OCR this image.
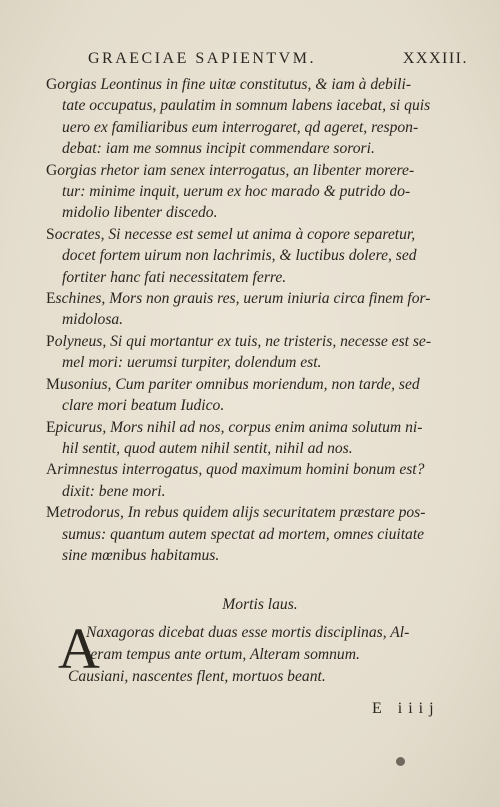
GRAECIAE SAPIENTVM.	XXXIII.

Gorgias Leontinus in fine uitæ constitutus, & iam à debili-
tate occupatus, paulatim in somnum labens iacebat, si quis
uero ex familiaribus eum interrogaret, qd ageret, respon-
debat: iam me somnus incipit commendare sorori.

Gorgias rhetor iam senex interrogatus, an libenter morere-
tur: minime inquit, uerum ex hoc marado & putrido do-
midolio libenter discedo.

Socrates, Si necesse est semel ut anima à copore separetur,
docet fortem uirum non lachrimis, & luctibus dolere, sed
fortiter hanc fati necessitatem ferre.

Eschines, Mors non grauis res, uerum iniuria circa finem for-
midolosa.

Polyneus, Si qui mortantur ex tuis, ne tristeris, necesse est se-
mel mori: uerumsi turpiter, dolendum est.

Musonius, Cum pariter omnibus moriendum, non tarde, sed
clare mori beatum Iudico.

Epicurus, Mors nihil ad nos, corpus enim anima solutum ni-
hil sentit, quod autem nihil sentit, nihil ad nos.

Arimnestus interrogatus, quod maximum homini bonum est?
dixit: bene mori.

Metrodorus, In rebus quidem alijs securitatem præstare pos-
sumus: quantum autem spectat ad mortem, omnes ciuitate
sine mœnibus habitamus.

Mortis laus.
A
Naxagoras dicebat duas esse mortis disciplinas, Al-
teram tempus ante ortum, Alteram somnum.
Causiani, nascentes flent, mortuos beant.
E iiij
